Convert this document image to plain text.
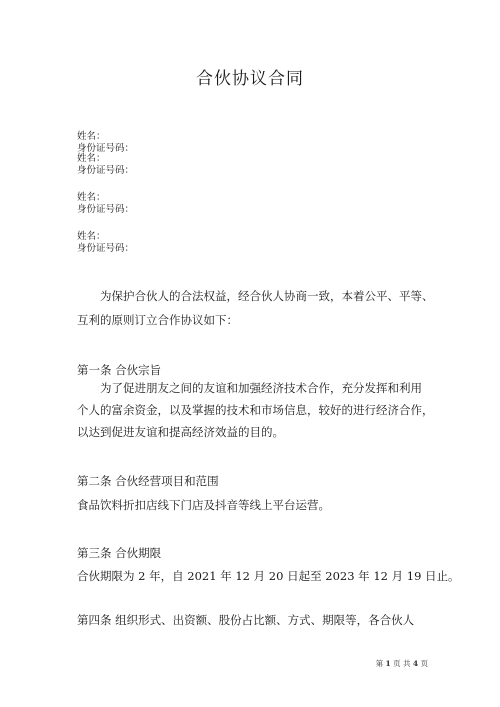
合伙协议合同
姓名：
身份证号码：
姓名：
身份证号码：
姓名：
身份证号码：
姓名：
身份证号码：
为保护合伙人的合法权益，经合伙人协商一致，本着公平、平等、
互利的原则订立合作协议如下：
第一条 合伙宗旨
为了促进朋友之间的友谊和加强经济技术合作，充分发挥和利用
个人的富余资金，以及掌握的技术和市场信息，较好的进行经济合作，
以达到促进友谊和提高经济效益的目的。
第二条 合伙经营项目和范围
食品饮料折扣店线下门店及抖音等线上平台运营。
第三条 合伙期限
合伙期限为 2 年，自 2021 年 12 月 20 日起至 2023 年 12 月 19 日止。
第四条 组织形式、出资额、股份占比额、方式、期限等，各合伙人
第 1 页 共 4 页
